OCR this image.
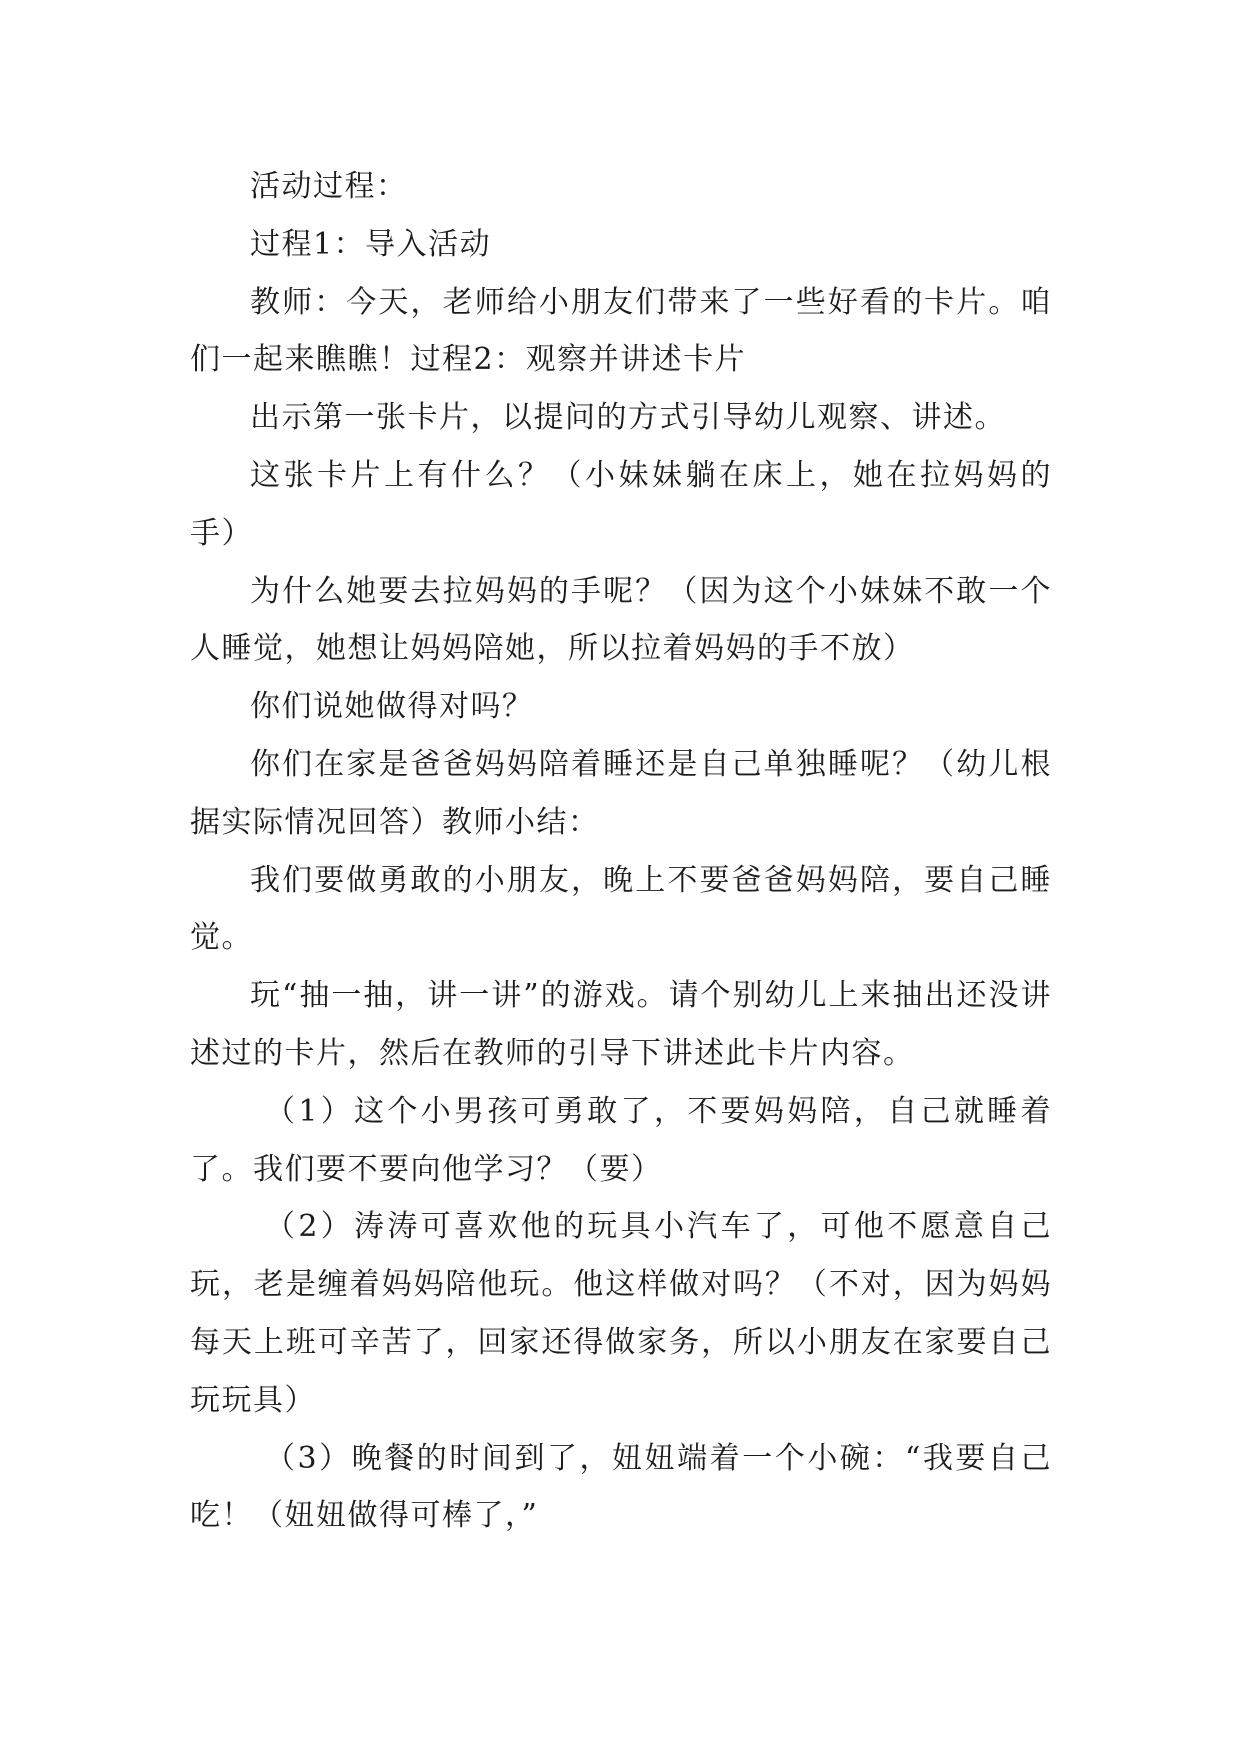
活动过程：

过程1：导入活动

教师：今天，老师给小朋友们带来了一些好看的卡片。咱们一起来瞧瞧！过程2：观察并讲述卡片

出示第一张卡片，以提问的方式引导幼儿观察、讲述。

这张卡片上有什么？（小妹妹躺在床上，她在拉妈妈的手）

为什么她要去拉妈妈的手呢？（因为这个小妹妹不敢一个人睡觉，她想让妈妈陪她，所以拉着妈妈的手不放）

你们说她做得对吗？

你们在家是爸爸妈妈陪着睡还是自己单独睡呢？（幼儿根据实际情况回答）教师小结：

我们要做勇敢的小朋友，晚上不要爸爸妈妈陪，要自己睡觉。

玩“抽一抽，讲一讲”的游戏。请个别幼儿上来抽出还没讲述过的卡片，然后在教师的引导下讲述此卡片内容。

（1）这个小男孩可勇敢了，不要妈妈陪，自己就睡着了。我们要不要向他学习？（要）

（2）涛涛可喜欢他的玩具小汽车了，可他不愿意自己玩，老是缠着妈妈陪他玩。他这样做对吗？（不对，因为妈妈每天上班可辛苦了，回家还得做家务，所以小朋友在家要自己玩玩具）

（3）晚餐的时间到了，妞妞端着一个小碗：“我要自己吃！（妞妞做得可棒了，”
